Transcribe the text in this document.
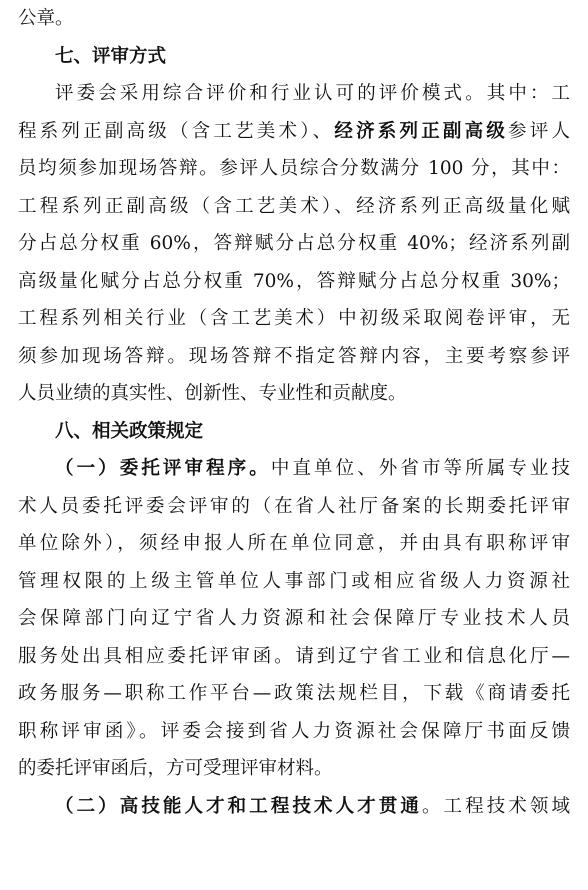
公章。
七、评审方式
评委会采用综合评价和行业认可的评价模式。其中：工
程系列正副高级（含工艺美术）、经济系列正副高级参评人
员均须参加现场答辩。参评人员综合分数满分 100 分，其中：
工程系列正副高级（含工艺美术）、经济系列正高级量化赋
分占总分权重 60%，答辩赋分占总分权重 40%；经济系列副
高级量化赋分占总分权重 70%，答辩赋分占总分权重 30%；
工程系列相关行业（含工艺美术）中初级采取阅卷评审，无
须参加现场答辩。现场答辩不指定答辩内容，主要考察参评
人员业绩的真实性、创新性、专业性和贡献度。
八、相关政策规定
（一）委托评审程序。中直单位、外省市等所属专业技
术人员委托评委会评审的（在省人社厅备案的长期委托评审
单位除外），须经申报人所在单位同意，并由具有职称评审
管理权限的上级主管单位人事部门或相应省级人力资源社
会保障部门向辽宁省人力资源和社会保障厅专业技术人员
服务处出具相应委托评审函。请到辽宁省工业和信息化厅—
政务服务—职称工作平台—政策法规栏目，下载《商请委托
职称评审函》。评委会接到省人力资源社会保障厅书面反馈
的委托评审函后，方可受理评审材料。
（二）高技能人才和工程技术人才贯通。工程技术领域
